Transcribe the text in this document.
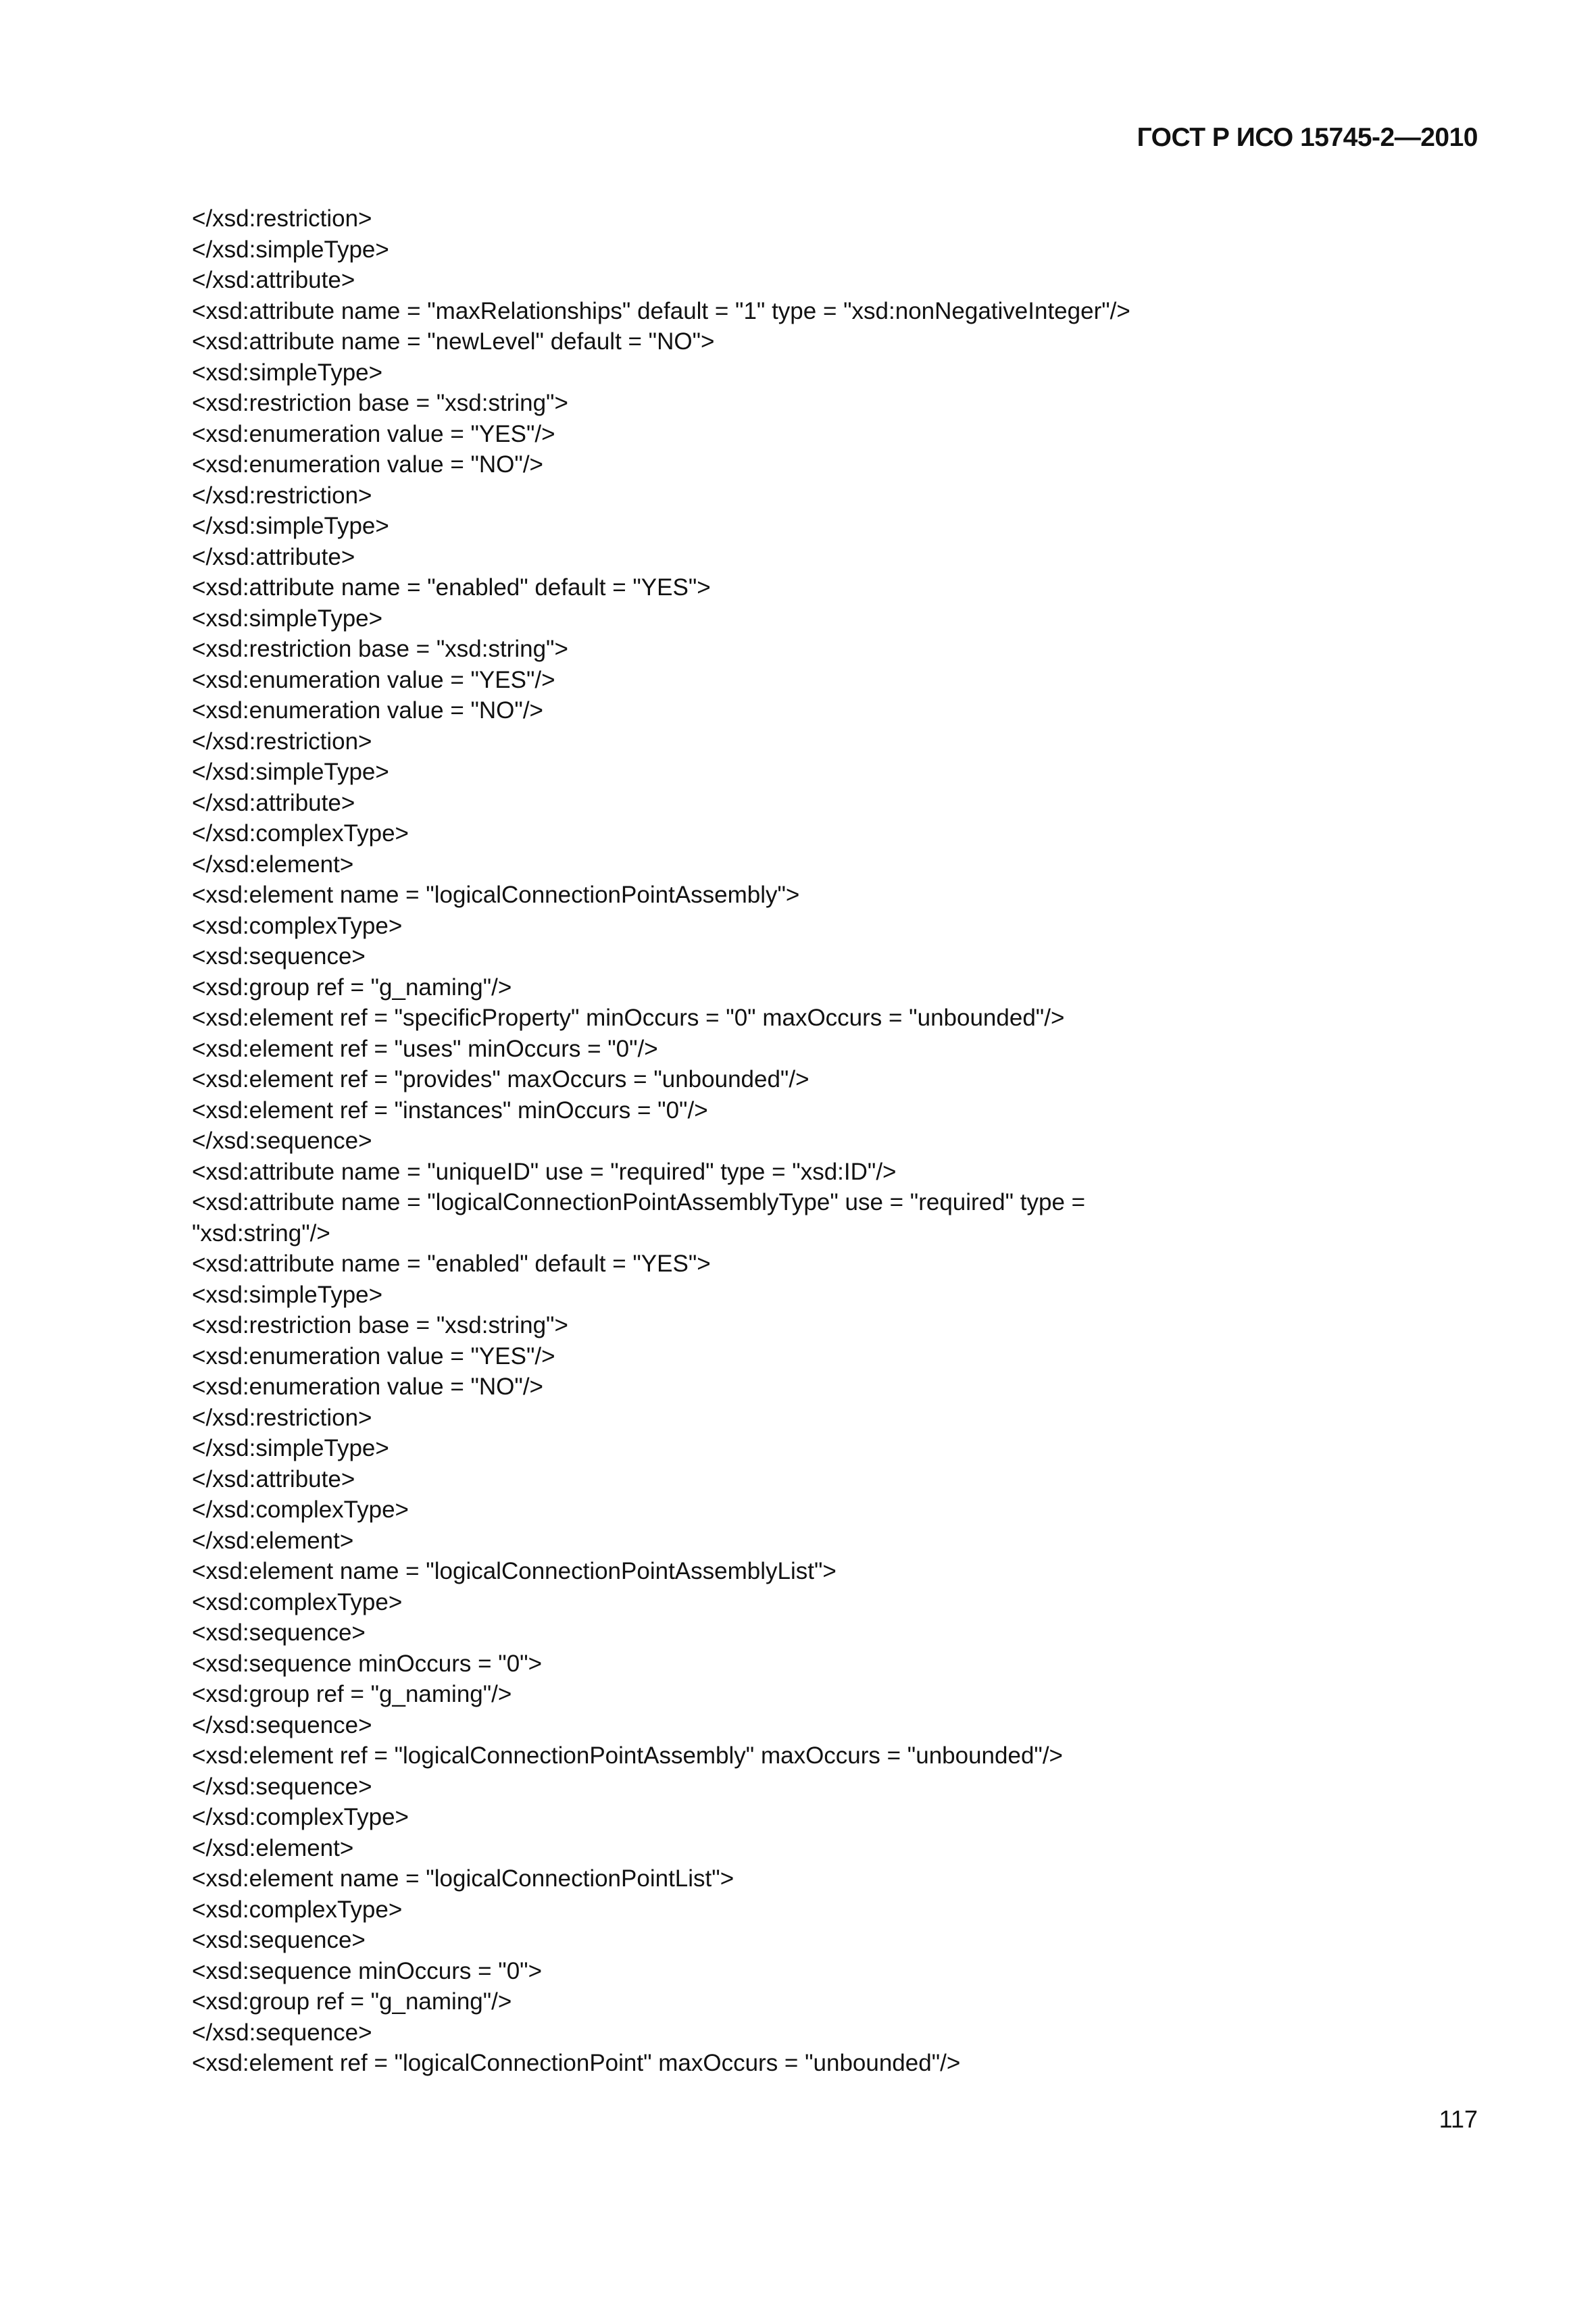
ГОСТ Р ИСО 15745-2—2010
</xsd:restriction>
</xsd:simpleType>
</xsd:attribute>
<xsd:attribute name = "maxRelationships" default = "1" type = "xsd:nonNegativeInteger"/>
<xsd:attribute name = "newLevel" default = "NO">
<xsd:simpleType>
<xsd:restriction base = "xsd:string">
<xsd:enumeration value = "YES"/>
<xsd:enumeration value = "NO"/>
</xsd:restriction>
</xsd:simpleType>
</xsd:attribute>
<xsd:attribute name = "enabled" default = "YES">
<xsd:simpleType>
<xsd:restriction base = "xsd:string">
<xsd:enumeration value = "YES"/>
<xsd:enumeration value = "NO"/>
</xsd:restriction>
</xsd:simpleType>
</xsd:attribute>
</xsd:complexType>
</xsd:element>
<xsd:element name = "logicalConnectionPointAssembly">
<xsd:complexType>
<xsd:sequence>
<xsd:group ref = "g_naming"/>
<xsd:element ref = "specificProperty" minOccurs = "0" maxOccurs = "unbounded"/>
<xsd:element ref = "uses" minOccurs = "0"/>
<xsd:element ref = "provides" maxOccurs = "unbounded"/>
<xsd:element ref = "instances" minOccurs = "0"/>
</xsd:sequence>
<xsd:attribute name = "uniqueID" use = "required" type = "xsd:ID"/>
<xsd:attribute name = "logicalConnectionPointAssemblyType" use = "required" type =
"xsd:string"/>
<xsd:attribute name = "enabled" default = "YES">
<xsd:simpleType>
<xsd:restriction base = "xsd:string">
<xsd:enumeration value = "YES"/>
<xsd:enumeration value = "NO"/>
</xsd:restriction>
</xsd:simpleType>
</xsd:attribute>
</xsd:complexType>
</xsd:element>
<xsd:element name = "logicalConnectionPointAssemblyList">
<xsd:complexType>
<xsd:sequence>
<xsd:sequence minOccurs = "0">
<xsd:group ref = "g_naming"/>
</xsd:sequence>
<xsd:element ref = "logicalConnectionPointAssembly" maxOccurs = "unbounded"/>
</xsd:sequence>
</xsd:complexType>
</xsd:element>
<xsd:element name = "logicalConnectionPointList">
<xsd:complexType>
<xsd:sequence>
<xsd:sequence minOccurs = "0">
<xsd:group ref = "g_naming"/>
</xsd:sequence>
<xsd:element ref = "logicalConnectionPoint" maxOccurs = "unbounded"/>
117
